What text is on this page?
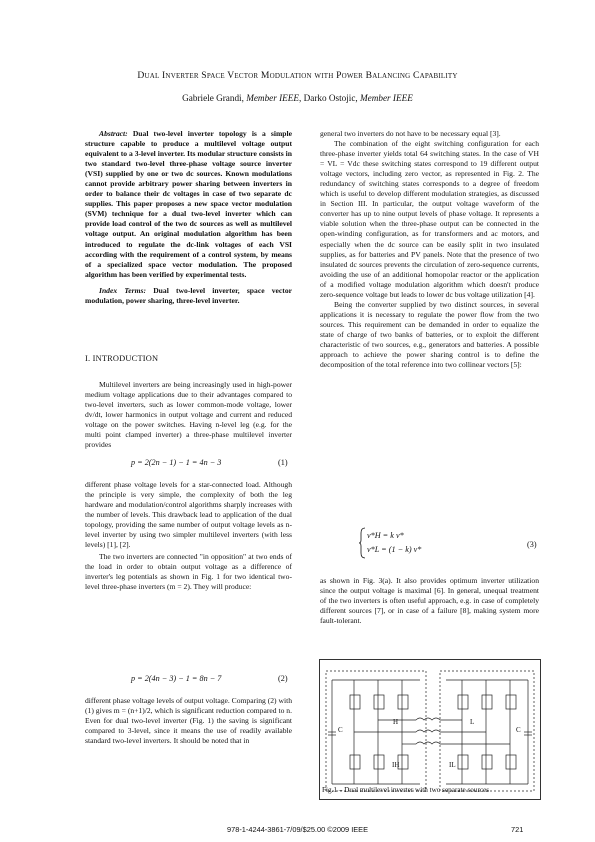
Dual Inverter Space Vector Modulation with Power Balancing Capability
Gabriele Grandi, Member IEEE, Darko Ostojic, Member IEEE

Abstract: Dual two-level inverter topology is a simple structure capable to produce a multilevel voltage output equivalent to a 3-level inverter. Its modular structure consists in two standard two-level three-phase voltage source inverter (VSI) supplied by one or two dc sources. Known modulations cannot provide arbitrary power sharing between inverters in order to balance their dc voltages in case of two separate dc supplies. This paper proposes a new space vector modulation (SVM) technique for a dual two-level inverter which can provide load control of the two dc sources as well as multilevel voltage output. An original modulation algorithm has been introduced to regulate the dc-link voltages of each VSI according with the requirement of a control system, by means of a specialized space vector modulation. The proposed algorithm has been verified by experimental tests.

Index Terms: Dual two-level inverter, space vector modulation, power sharing, three-level inverter.

I. INTRODUCTION

Multilevel inverters are being increasingly used in high-power medium voltage applications due to their advantages compared to two-level inverters, such as lower common-mode voltage, lower dv/dt, lower harmonics in output voltage and current and reduced voltage on the power switches. Having n-level leg (e.g. for the multi point clamped inverter) a three-phase multilevel inverter provides

p = 2(2n − 1) − 1 = 4n − 3	(1)

different phase voltage levels for a star-connected load. Although the principle is very simple, the complexity of both the leg hardware and modulation/control algorithms sharply increases with the number of levels. This drawback lead to application of the dual topology, providing the same number of output voltage levels as n-level inverter by using two simpler multilevel inverters (with less levels) [1], [2].

The two inverters are connected "in opposition" at two ends of the load in order to obtain output voltage as a difference of inverter's leg potentials as shown in Fig. 1 for two identical two-level three-phase inverters (m = 2). They will produce:

p = 2(4n − 3) − 1 = 8n − 7	(2)

different phase voltage levels of output voltage. Comparing (2) with (1) gives m = (n+1)/2, which is significant reduction compared to n. Even for dual two-level inverter (Fig. 1) the saving is significant compared to 3-level, since it means the use of readily available standard two-level inverters. It should be noted that in

general two inverters do not have to be necessary equal [3].

The combination of the eight switching configuration for each three-phase inverter yields total 64 switching states. In the case of VH = VL = Vdc these switching states correspond to 19 different output voltage vectors, including zero vector, as represented in Fig. 2. The redundancy of switching states corresponds to a degree of freedom which is useful to develop different modulation strategies, as discussed in Section III. In particular, the output voltage waveform of the converter has up to nine output levels of phase voltage. It represents a viable solution when the three-phase output can be connected in the open-winding configuration, as for transformers and ac motors, and especially when the dc source can be easily split in two insulated supplies, as for batteries and PV panels. Note that the presence of two insulated dc sources prevents the circulation of zero-sequence currents, avoiding the use of an additional homopolar reactor or the application of a modified voltage modulation algorithm which doesn't produce zero-sequence voltage but leads to lower dc bus voltage utilization [4].

Being the converter supplied by two distinct sources, in several applications it is necessary to regulate the power flow from the two sources. This requirement can be demanded in order to equalize the state of charge of two banks of batteries, or to exploit the different characteristic of two sources, e.g., generators and batteries. A possible approach to achieve the power sharing control is to define the decomposition of the total reference into two collinear vectors [5]:

v*H = k v*
v*L = (1 − k) v*
(3)

as shown in Fig. 3(a). It also provides optimum inverter utilization since the output voltage is maximal [6]. In general, unequal treatment of the two inverters is often useful approach, e.g. in case of completely different sources [7], or in case of a failure [8], making system more fault-tolerant.

C
IH
H
IL
L
C
Fig.1 – Dual multilevel inverter with two separate sources
978-1-4244-3861-7/09/$25.00 ©2009 IEEE	721
